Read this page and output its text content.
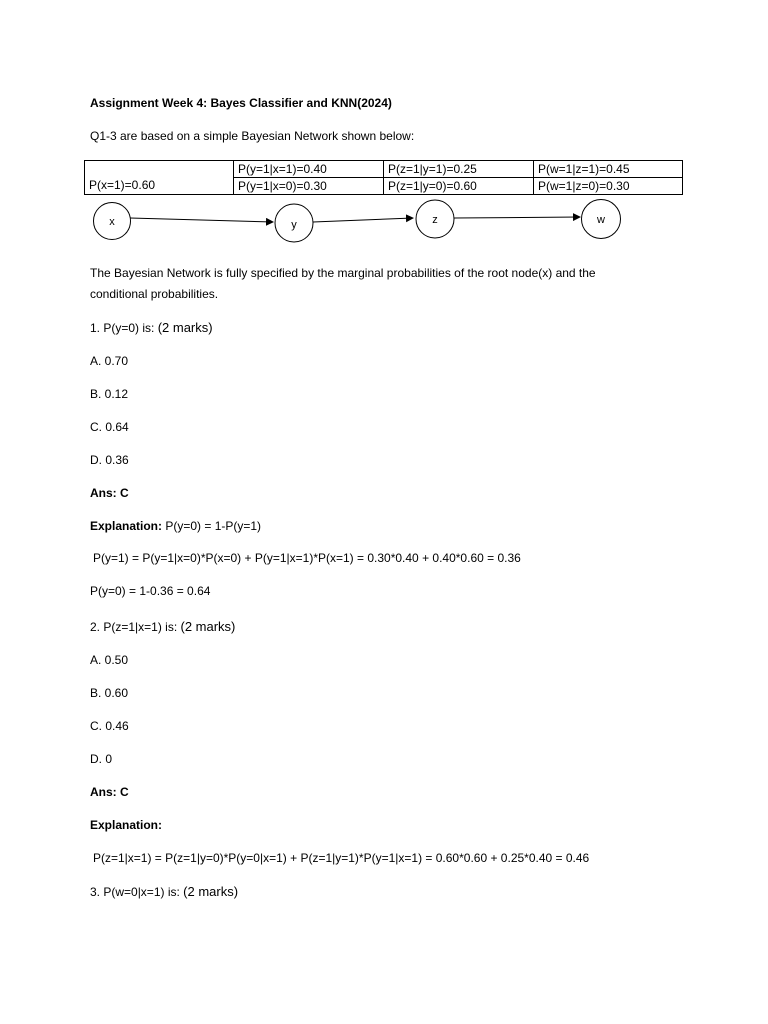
Assignment Week 4: Bayes Classifier and KNN(2024)
Q1-3 are based on a simple Bayesian Network shown below:
	P(y=1|x=1)=0.40	P(z=1|y=1)=0.25	P(w=1|z=1)=0.45
P(x=1)=0.60	P(y=1|x=0)=0.30	P(z=1|y=0)=0.60	P(w=1|z=0)=0.30
x	y	z	w
The Bayesian Network is fully specified by the marginal probabilities of the root node(x) and the
conditional probabilities.
1. P(y=0) is: (2 marks)
A. 0.70
B. 0.12
C. 0.64
D. 0.36
Ans: C
Explanation: P(y=0) = 1-P(y=1)
P(y=1) = P(y=1|x=0)*P(x=0) + P(y=1|x=1)*P(x=1) = 0.30*0.40 + 0.40*0.60 = 0.36
P(y=0) = 1-0.36 = 0.64
2. P(z=1|x=1) is: (2 marks)
A. 0.50
B. 0.60
C. 0.46
D. 0
Ans: C
Explanation:
P(z=1|x=1) = P(z=1|y=0)*P(y=0|x=1) + P(z=1|y=1)*P(y=1|x=1) = 0.60*0.60 + 0.25*0.40 = 0.46
3. P(w=0|x=1) is: (2 marks)
